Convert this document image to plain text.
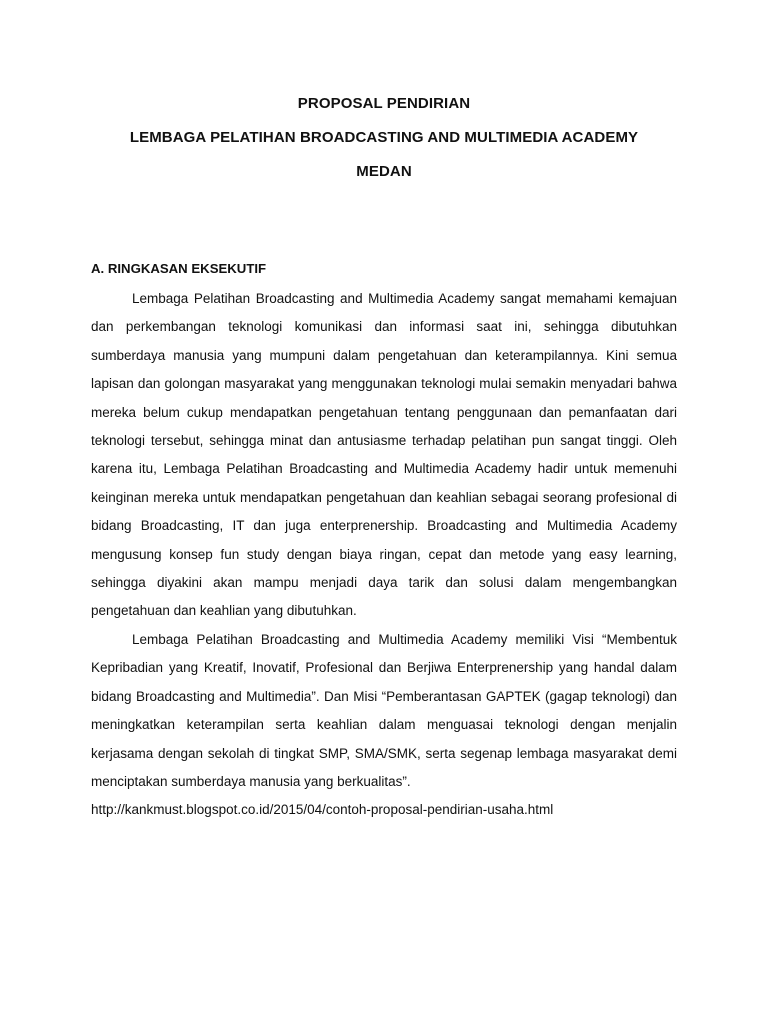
PROPOSAL PENDIRIAN
LEMBAGA PELATIHAN BROADCASTING AND MULTIMEDIA ACADEMY
MEDAN
A. RINGKASAN EKSEKUTIF

Lembaga Pelatihan Broadcasting and Multimedia Academy sangat memahami kemajuan dan perkembangan teknologi komunikasi dan informasi saat ini, sehingga dibutuhkan sumberdaya manusia yang mumpuni dalam pengetahuan dan keterampilannya. Kini semua lapisan dan golongan masyarakat yang menggunakan teknologi mulai semakin menyadari bahwa mereka belum cukup mendapatkan pengetahuan tentang penggunaan dan pemanfaatan dari teknologi tersebut, sehingga minat dan antusiasme terhadap pelatihan pun sangat tinggi. Oleh karena itu, Lembaga Pelatihan Broadcasting and Multimedia Academy hadir untuk memenuhi keinginan mereka untuk mendapatkan pengetahuan dan keahlian sebagai seorang profesional di bidang Broadcasting, IT dan juga enterprenership. Broadcasting and Multimedia Academy mengusung konsep fun study dengan biaya ringan, cepat dan metode yang easy learning, sehingga diyakini akan mampu menjadi daya tarik dan solusi dalam mengembangkan pengetahuan dan keahlian yang dibutuhkan.

Lembaga Pelatihan Broadcasting and Multimedia Academy memiliki Visi “Membentuk Kepribadian yang Kreatif, Inovatif, Profesional dan Berjiwa Enterprenership yang handal dalam bidang Broadcasting and Multimedia”. Dan Misi “Pemberantasan GAPTEK (gagap teknologi) dan meningkatkan keterampilan serta keahlian dalam menguasai teknologi dengan menjalin kerjasama dengan sekolah di tingkat SMP, SMA/SMK, serta segenap lembaga masyarakat demi menciptakan sumberdaya manusia yang berkualitas”.

http://kankmust.blogspot.co.id/2015/04/contoh-proposal-pendirian-usaha.html
